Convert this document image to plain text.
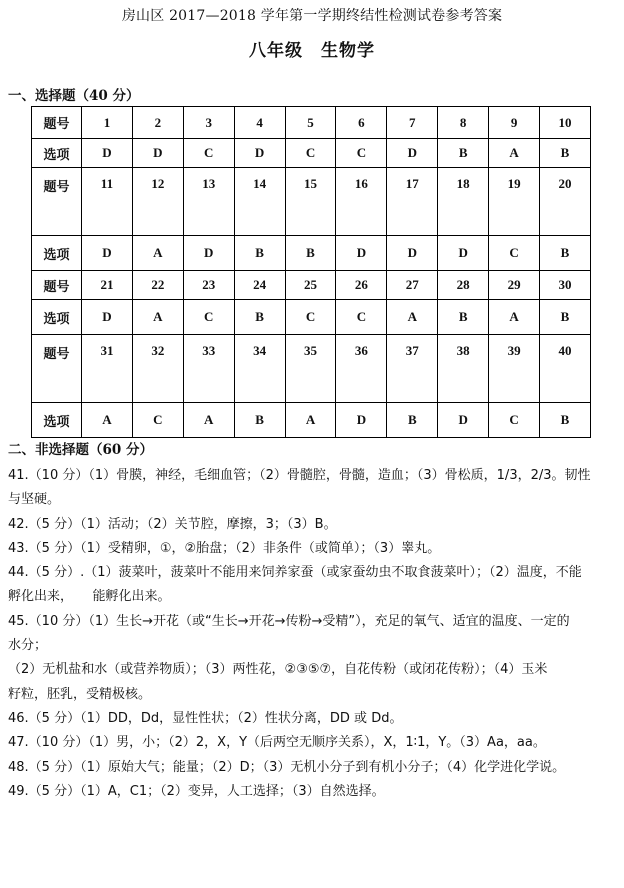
房山区 2017—2018 学年第一学期终结性检测试卷参考答案
八年级　生物学
一、选择题（40 分）
题号	1	2	3	4	5	6	7	8	9	10
选项	D	D	C	D	C	C	D	B	A	B
题号	11	12	13	14	15	16	17	18	19	20
选项	D	A	D	B	B	D	D	D	C	B
题号	21	22	23	24	25	26	27	28	29	30
选项	D	A	C	B	C	C	A	B	A	B
题号	31	32	33	34	35	36	37	38	39	40
选项	A	C	A	B	A	D	B	D	C	B
二、非选择题（60 分）
41.（10 分）（1）骨膜，神经，毛细血管；（2）骨髓腔，骨髓，造血；（3）骨松质，1/3，2/3。韧性
与坚硬。
42.（5 分）（1）活动；（2）关节腔，摩擦，3；（3）B。
43.（5 分）（1）受精卵，①，②胎盘；（2）非条件（或简单）；（3）睾丸。
44.（5 分）.（1）菠菜叶，菠菜叶不能用来饲养家蚕（或家蚕幼虫不取食菠菜叶）；（2）温度，不能
孵化出来，　　能孵化出来。
45.（10 分）（1）生长→开花（或“生长→开花→传粉→受精”），充足的氧气、适宜的温度、一定的
水分；
（2）无机盐和水（或营养物质）；（3）两性花，②③⑤⑦，自花传粉（或闭花传粉）；（4）玉米
籽粒，胚乳，受精极核。
46.（5 分）（1）DD，Dd，显性性状；（2）性状分离，DD 或 Dd。
47.（10 分）（1）男，小；（2）2，X，Y（后两空无顺序关系），X，1∶1，Y。（3）Aa，aa。
48.（5 分）（1）原始大气；能量；（2）D；（3）无机小分子到有机小分子；（4）化学进化学说。
49.（5 分）（1）A，C1；（2）变异，人工选择；（3）自然选择。
